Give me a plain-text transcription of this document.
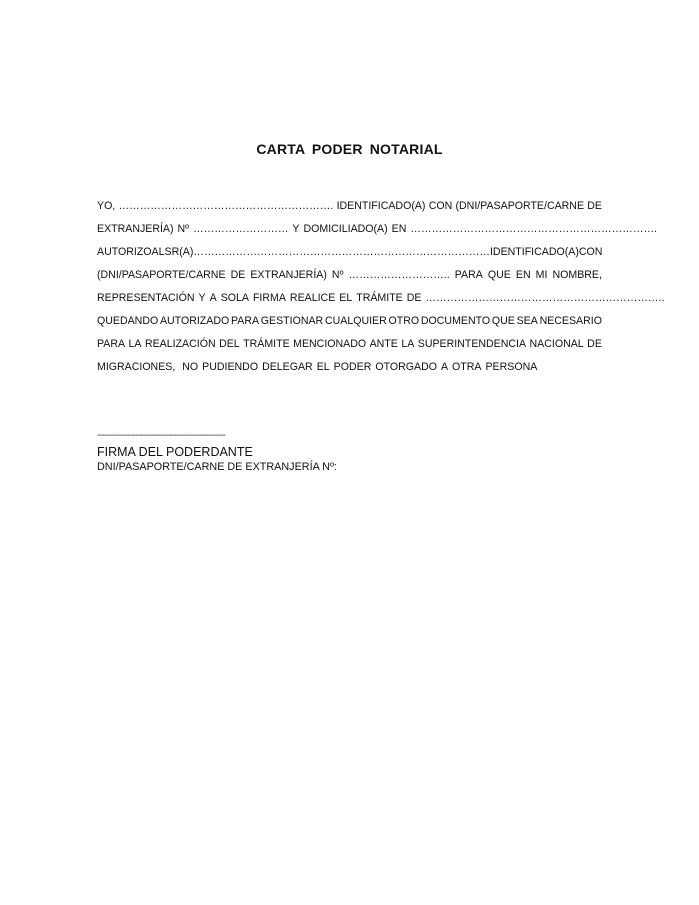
CARTA PODER NOTARIAL
YO, ……………………………………………………. IDENTIFICADO(A) CON (DNI/PASAPORTE/CARNE DE
EXTRANJERÍA) Nº ……………………… Y DOMICILIADO(A) EN …………………………………………………………….
AUTORIZO AL SR(A) ………………………………………………………………………… IDENTIFICADO(A) CON
(DNI/PASAPORTE/CARNE DE EXTRANJERÍA) Nº ……………………….. PARA QUE EN MI NOMBRE,
REPRESENTACIÓN Y A SOLA FIRMA REALICE EL TRÁMITE DE …………………………………………………………..
QUEDANDO AUTORIZADO PARA GESTIONAR CUALQUIER OTRO DOCUMENTO QUE SEA NECESARIO
PARA LA REALIZACIÓN DEL TRÁMITE MENCIONADO ANTE LA SUPERINTENDENCIA NACIONAL DE
MIGRACIONES, NO PUDIENDO DELEGAR EL PODER OTORGADO A OTRA PERSONA
-----------------------------------------------
FIRMA DEL PODERDANTE
DNI/PASAPORTE/CARNE DE EXTRANJERÍA Nº:
